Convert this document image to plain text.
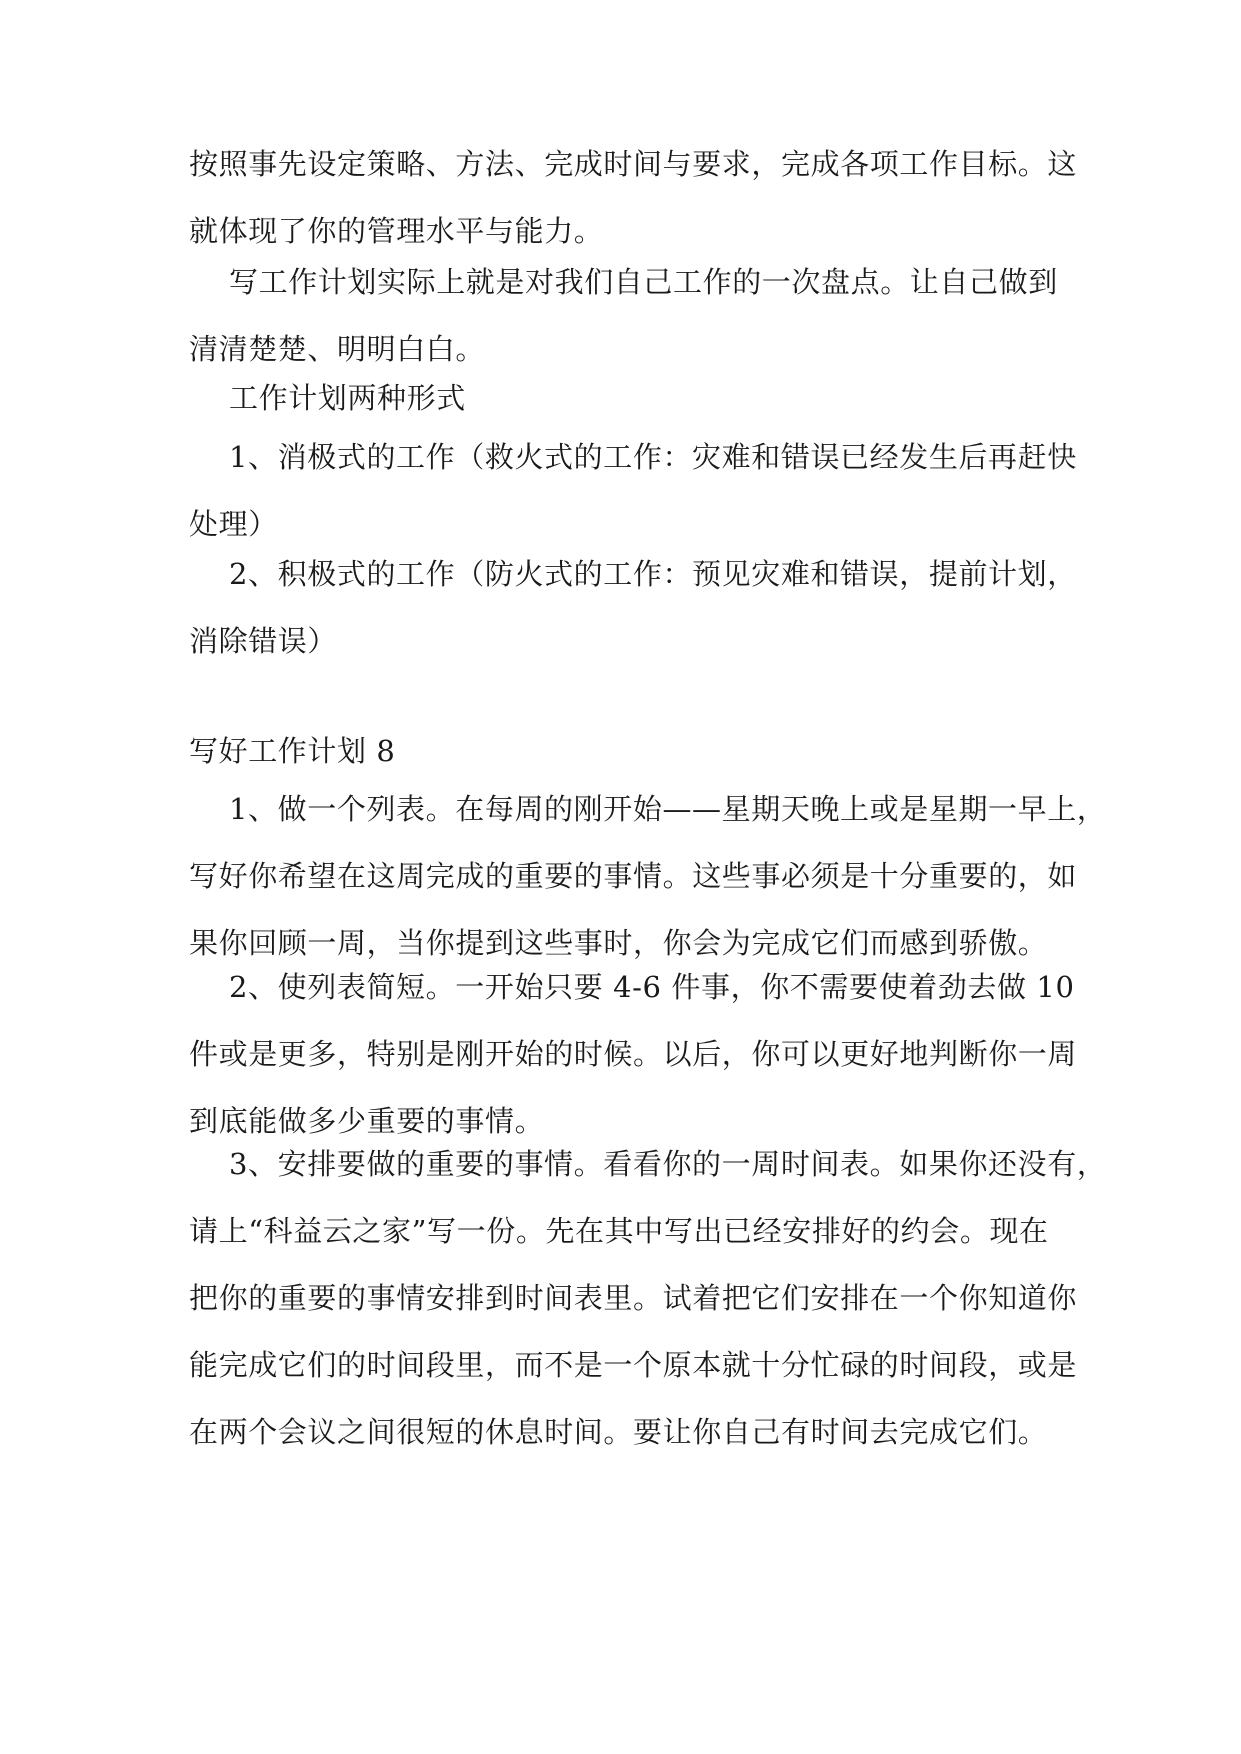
按照事先设定策略、方法、完成时间与要求，完成各项工作目标。这
就体现了你的管理水平与能力。

写工作计划实际上就是对我们自己工作的一次盘点。让自己做到
清清楚楚、明明白白。

工作计划两种形式

1、消极式的工作（救火式的工作：灾难和错误已经发生后再赶快
处理）

2、积极式的工作（防火式的工作：预见灾难和错误，提前计划，
消除错误）

写好工作计划 8

1、做一个列表。在每周的刚开始——星期天晚上或是星期一早上，
写好你希望在这周完成的重要的事情。这些事必须是十分重要的，如
果你回顾一周，当你提到这些事时，你会为完成它们而感到骄傲。

2、使列表简短。一开始只要 4-6 件事，你不需要使着劲去做 10
件或是更多，特别是刚开始的时候。以后，你可以更好地判断你一周
到底能做多少重要的事情。

3、安排要做的重要的事情。看看你的一周时间表。如果你还没有，
请上“科益云之家”写一份。先在其中写出已经安排好的约会。现在
把你的重要的事情安排到时间表里。试着把它们安排在一个你知道你
能完成它们的时间段里，而不是一个原本就十分忙碌的时间段，或是
在两个会议之间很短的休息时间。要让你自己有时间去完成它们。
